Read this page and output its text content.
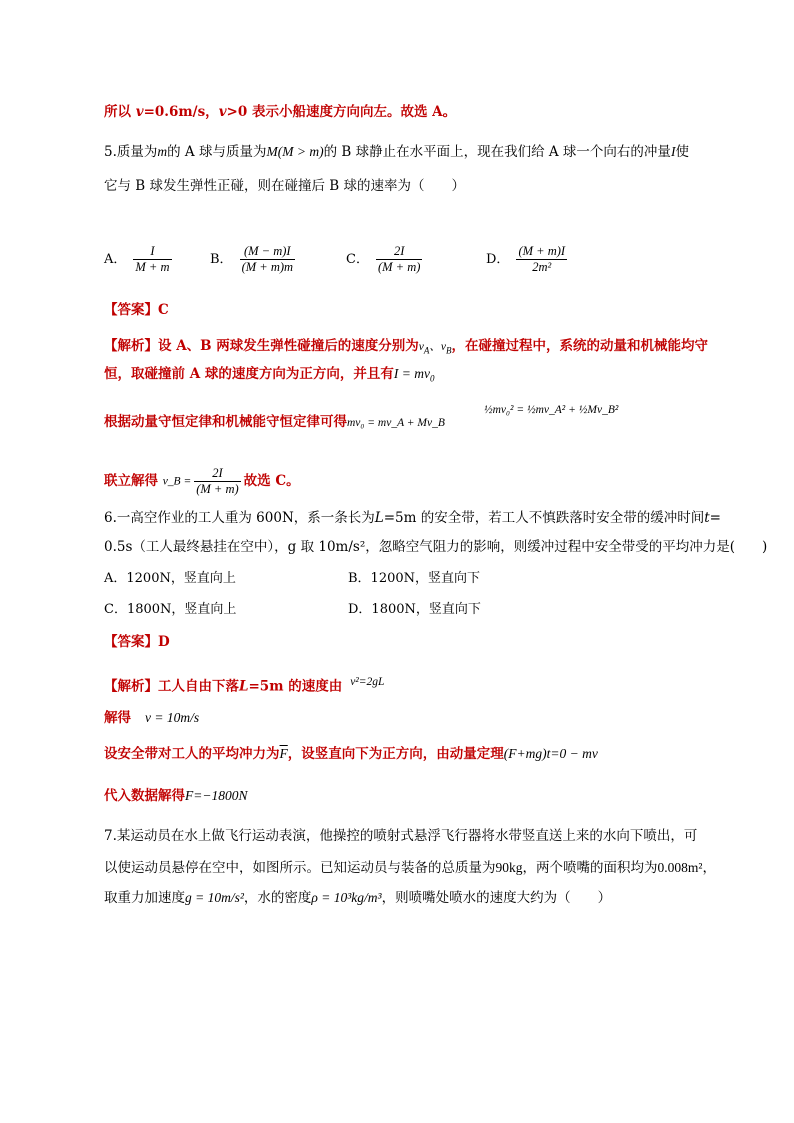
所以 v=0.6m/s，v>0 表示小船速度方向向左。故选 A。
5.质量为m的 A 球与质量为M(M > m)的 B 球静止在水平面上，现在我们给 A 球一个向右的冲量I使
它与 B 球发生弹性正碰，则在碰撞后 B 球的速率为（　　）
A． $\frac{I}{M + m}$	B． $\frac{(M - m)I}{(M + m)m}$	C． $\frac{2I}{(M + m)}$	D． $\frac{(M + m)I}{\text{2m²}}$
【答案】C
【解析】设 A、B 两球发生弹性碰撞后的速度分别为$v_A$、$v_B$，在碰撞过程中，系统的动量和机械能均守
恒，取碰撞前 A 球的速度方向为正方向，并且有$I = mv_0$
根据动量守恒定律和机械能守恒定律可得mv₀ = mv_A + Mv_B
½mv₀² = ½mv_A² + ½Mv_B²
联立解得 v_B = $\frac{2I}{(M + m)}$ 故选 C。
6.一高空作业的工人重为 600N，系一条长为L=5m 的安全带，若工人不慎跌落时安全带的缓冲时间t=
0.5s（工人最终悬挂在空中），g 取 10m/s²，忽略空气阻力的影响，则缓冲过程中安全带受的平均冲力是(　　)
A．1200N，竖直向上	B．1200N，竖直向下
C．1800N，竖直向上	D．1800N，竖直向下
【答案】D
【解析】工人自由下落L=5m 的速度由 v²=2gL
解得 v = 10m/s
设安全带对工人的平均冲力为$\overline{F}$，设竖直向下为正方向，由动量定理(F+mg)t=0 − mv
代入数据解得F=−1800N
7.某运动员在水上做飞行运动表演，他操控的喷射式悬浮飞行器将水带竖直送上来的水向下喷出，可
以使运动员悬停在空中，如图所示。已知运动员与装备的总质量为90kg，两个喷嘴的面积均为0.008m²，
取重力加速度g = 10m/s²，水的密度ρ = 10³kg/m³，则喷嘴处喷水的速度大约为（　　）
